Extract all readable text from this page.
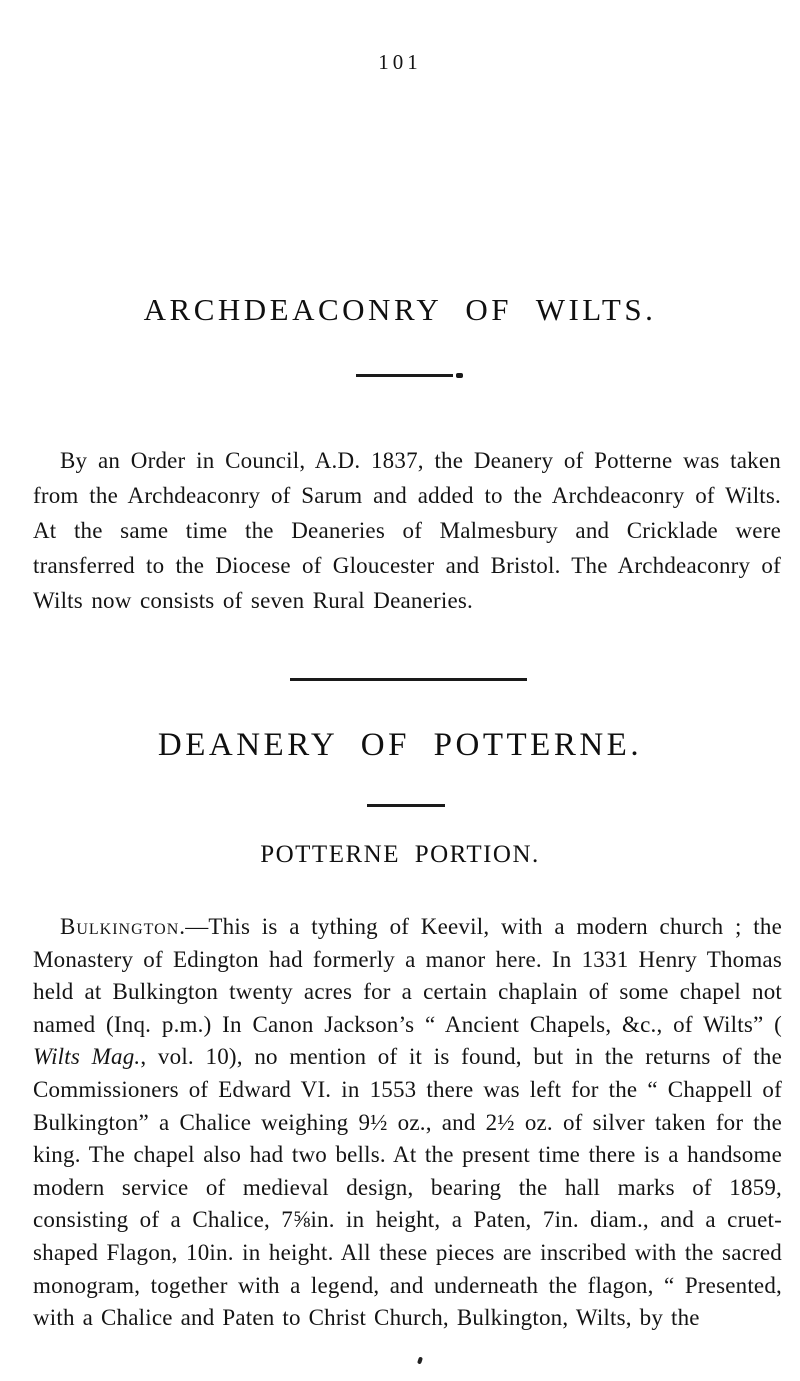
101
ARCHDEACONRY OF WILTS.

By an Order in Council, A.D. 1837, the Deanery of Potterne was taken from the Archdeaconry of Sarum and added to the Archdeaconry of Wilts. At the same time the Deaneries of Malmesbury and Cricklade were transferred to the Diocese of Gloucester and Bristol. The Archdeaconry of Wilts now consists of seven Rural Deaneries.

DEANERY OF POTTERNE.
POTTERNE PORTION.

Bulkington.—This is a tything of Keevil, with a modern church ; the Monastery of Edington had formerly a manor here. In 1331 Henry Thomas held at Bulkington twenty acres for a certain chaplain of some chapel not named (Inq. p.m.) In Canon Jackson’s “ Ancient Chapels, &c., of Wilts” ( Wilts Mag., vol. 10), no mention of it is found, but in the returns of the Commissioners of Edward VI. in 1553 there was left for the “ Chappell of Bulkington” a Chalice weighing 9½ oz., and 2½ oz. of silver taken for the king. The chapel also had two bells. At the present time there is a handsome modern service of medieval design, bearing the hall marks of 1859, consisting of a Chalice, 7⅝in. in height, a Paten, 7in. diam., and a cruet-shaped Flagon, 10in. in height. All these pieces are inscribed with the sacred monogram, together with a legend, and underneath the flagon, “ Presented, with a Chalice and Paten to Christ Church, Bulkington, Wilts, by the
